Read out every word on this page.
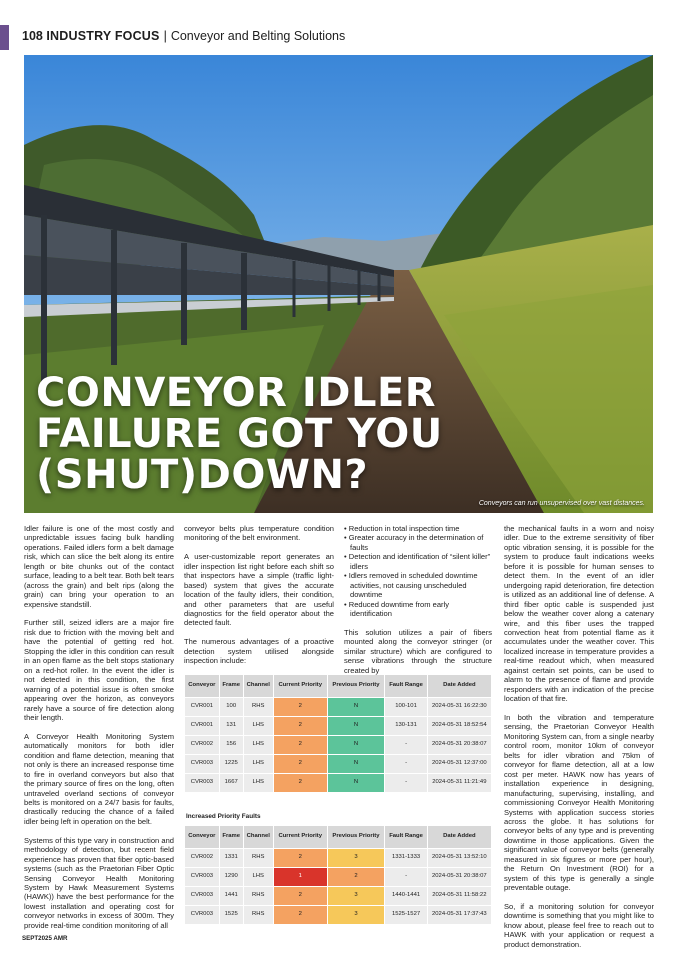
108 INDUSTRY FOCUS | Conveyor and Belting Solutions
CONVEYOR IDLER
FAILURE GOT YOU
(SHUT)DOWN?
Conveyors can run unsupervised over vast distances.

Idler failure is one of the most costly and unpredictable issues facing bulk handling operations. Failed idlers form a belt damage risk, which can slice the belt along its entire length or bite chunks out of the contact surface, leading to a belt tear. Both belt tears (across the grain) and belt rips (along the grain) can bring your operation to an expensive standstill.

Further still, seized idlers are a major fire risk due to friction with the moving belt and have the potential of getting red hot. Stopping the idler in this condition can result in an open flame as the belt stops stationary on a red-hot roller. In the event the idler is not detected in this condition, the first warning of a potential issue is often smoke appearing over the horizon, as conveyors rarely have a source of fire detection along their length.

A Conveyor Health Monitoring System automatically monitors for both idler condition and flame detection, meaning that not only is there an increased response time to fire in overland conveyors but also that the primary source of fires on the long, often untraveled overland sections of conveyor belts is monitored on a 24/7 basis for faults, drastically reducing the chance of a failed idler being left in operation on the belt.

Systems of this type vary in construction and methodology of detection, but recent field experience has proven that fiber optic-based systems (such as the Praetorian Fiber Optic Sensing Conveyor Health Monitoring System by Hawk Measurement Systems (HAWK)) have the best performance for the lowest installation and operating cost for conveyor networks in excess of 300m. They provide real-time condition monitoring of all

conveyor belts plus temperature condition monitoring of the belt environment.

A user-customizable report generates an idler inspection list right before each shift so that inspectors have a simple (traffic light-based) system that gives the accurate location of the faulty idlers, their condition, and other parameters that are useful diagnostics for the field operator about the detected fault.

The numerous advantages of a proactive detection system utilised alongside inspection include:

Conveyor	Frame	Channel	Current Priority	Previous Priority	Fault Range	Date Added
CVR001	100	RHS	2	N	100-101	2024-05-31 16:22:30
CVR001	131	LHS	2	N	130-131	2024-05-31 18:52:54
CVR002	156	LHS	2	N	-	2024-05-31 20:38:07
CVR003	1225	LHS	2	N	-	2024-05-31 12:37:00
CVR003	1667	LHS	2	N	-	2024-05-31 11:21:49
Increased Priority Faults
Conveyor	Frame	Channel	Current Priority	Previous Priority	Fault Range	Date Added
CVR002	1331	RHS	2	3	1331-1333	2024-05-31 13:52:10
CVR003	1290	LHS	1	2	-	2024-05-31 20:38:07
CVR003	1441	RHS	2	3	1440-1441	2024-05-31 11:58:22
CVR003	1525	RHS	2	3	1525-1527	2024-05-31 17:37:43
• Reduction in total inspection time
• Greater accuracy in the determination of faults
• Detection and identification of “silent killer” idlers
• Idlers removed in scheduled downtime activities, not causing unscheduled downtime
• Reduced downtime from early identification

This solution utilizes a pair of fibers mounted along the conveyor stringer (or similar structure) which are configured to sense vibrations through the structure created by

the mechanical faults in a worn and noisy idler. Due to the extreme sensitivity of fiber optic vibration sensing, it is possible for the system to produce fault indications weeks before it is possible for human senses to detect them. In the event of an idler undergoing rapid deterioration, fire detection is utilized as an additional line of defense. A third fiber optic cable is suspended just below the weather cover along a catenary wire, and this fiber uses the trapped convection heat from potential flame as it accumulates under the weather cover. This localized increase in temperature provides a real-time readout which, when measured against certain set points, can be used to alarm to the presence of flame and provide responders with an indication of the precise location of that fire.

In both the vibration and temperature sensing, the Praetorian Conveyor Health Monitoring System can, from a single nearby control room, monitor 10km of conveyor belts for idler vibration and 75km of conveyor for flame detection, all at a low cost per meter. HAWK now has years of installation experience in designing, manufacturing, supervising, installing, and commissioning Conveyor Health Monitoring Systems with application success stories across the globe. It has solutions for conveyor belts of any type and is preventing downtime in those applications. Given the significant value of conveyor belts (generally measured in six figures or more per hour), the Return On Investment (ROI) for a system of this type is generally a single preventable outage.

So, if a monitoring solution for conveyor downtime is something that you might like to know about, please feel free to reach out to HAWK with your application or request a product demonstration.

SEPT2025 AMR
